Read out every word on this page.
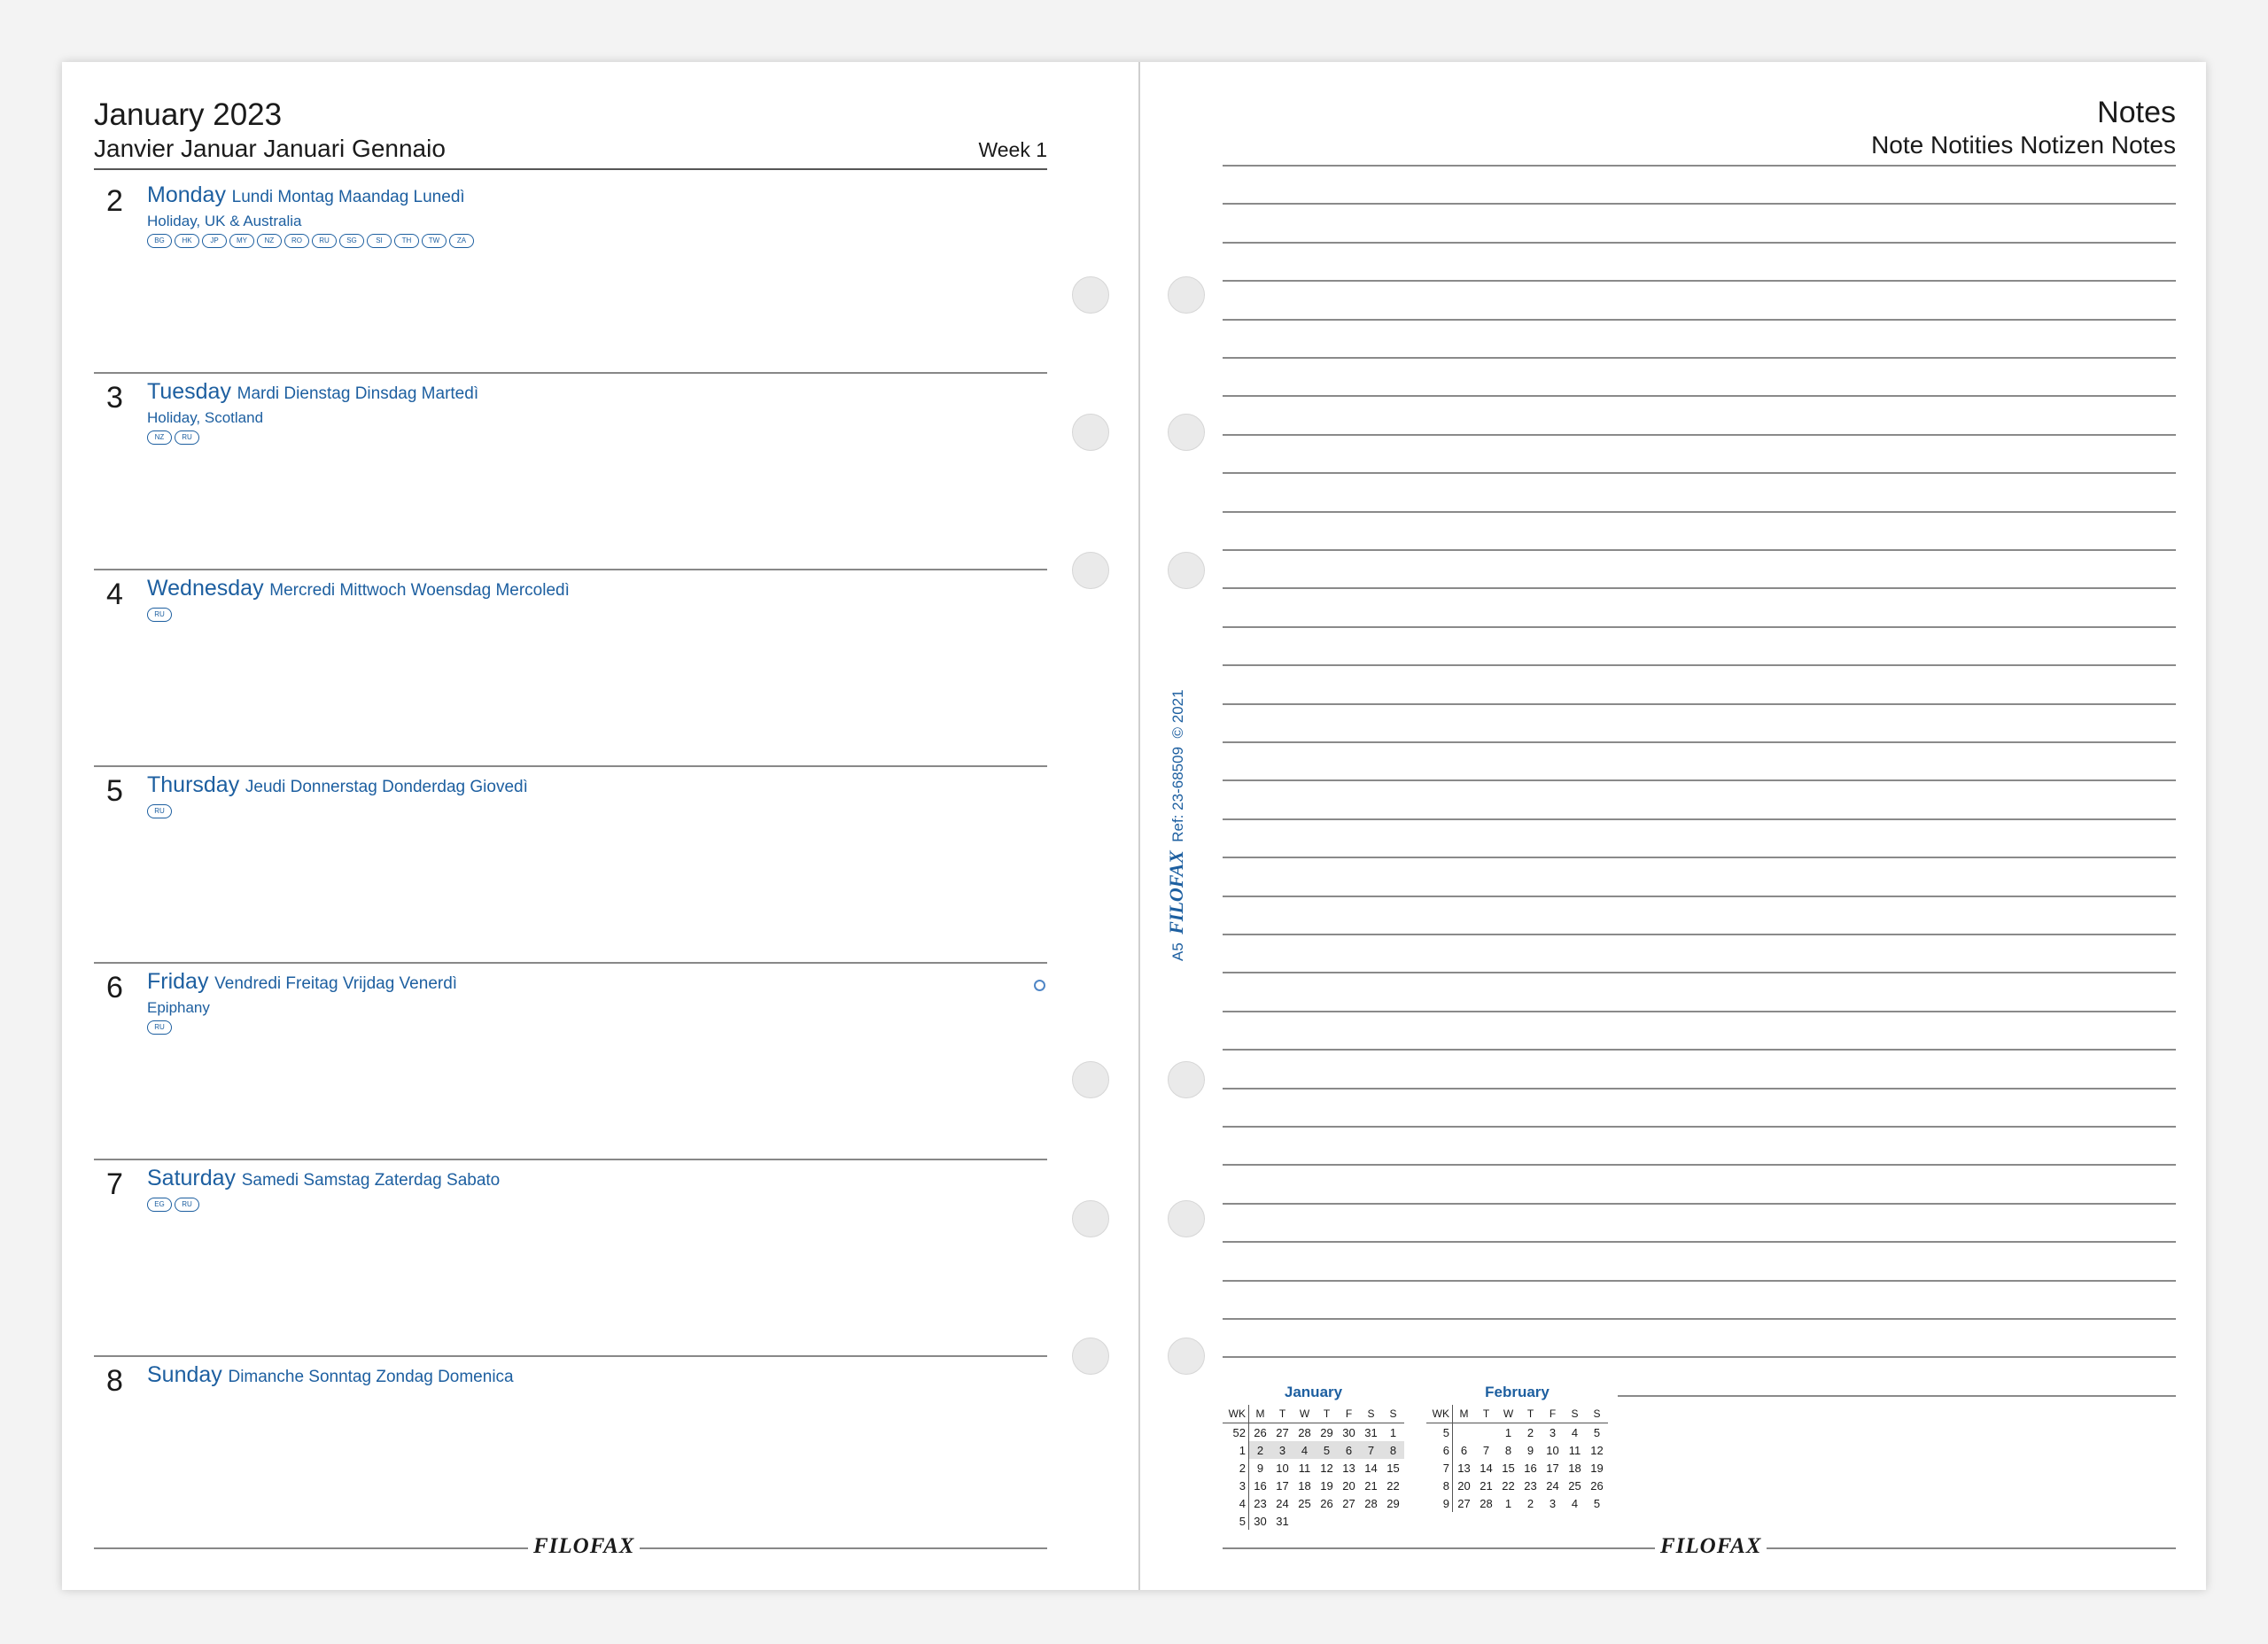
January 2023
Janvier Januar Januari Gennaio	Week 1
2 Monday Lundi Montag Maandag Lunedì
Holiday, UK & Australia
BG	HK	JP	MY	NZ	RO	RU	SG	SI	TH	TW	ZA
3 Tuesday Mardi Dienstag Dinsdag Martedì
Holiday, Scotland
NZ	RU
4 Wednesday Mercredi Mittwoch Woensdag Mercoledì
RU
5 Thursday Jeudi Donnerstag Donderdag Giovedì
RU
6 Friday Vendredi Freitag Vrijdag Venerdì
Epiphany
RU
7 Saturday Samedi Samstag Zaterdag Sabato
EG	RU
8 Sunday Dimanche Sonntag Zondag Domenica
FILOFAX
A5  FILOFAX  Ref: 23-68509  © 2021
Notes
Note Notities Notizen Notes
January
WK	M	T	W	T	F	S	S
52	26	27	28	29	30	31	1
1	2	3	4	5	6	7	8
2	9	10	11	12	13	14	15
3	16	17	18	19	20	21	22
4	23	24	25	26	27	28	29
5	30	31					
February
WK	M	T	W	T	F	S	S
5			1	2	3	4	5
6	6	7	8	9	10	11	12
7	13	14	15	16	17	18	19
8	20	21	22	23	24	25	26
9	27	28	1	2	3	4	5
FILOFAX
